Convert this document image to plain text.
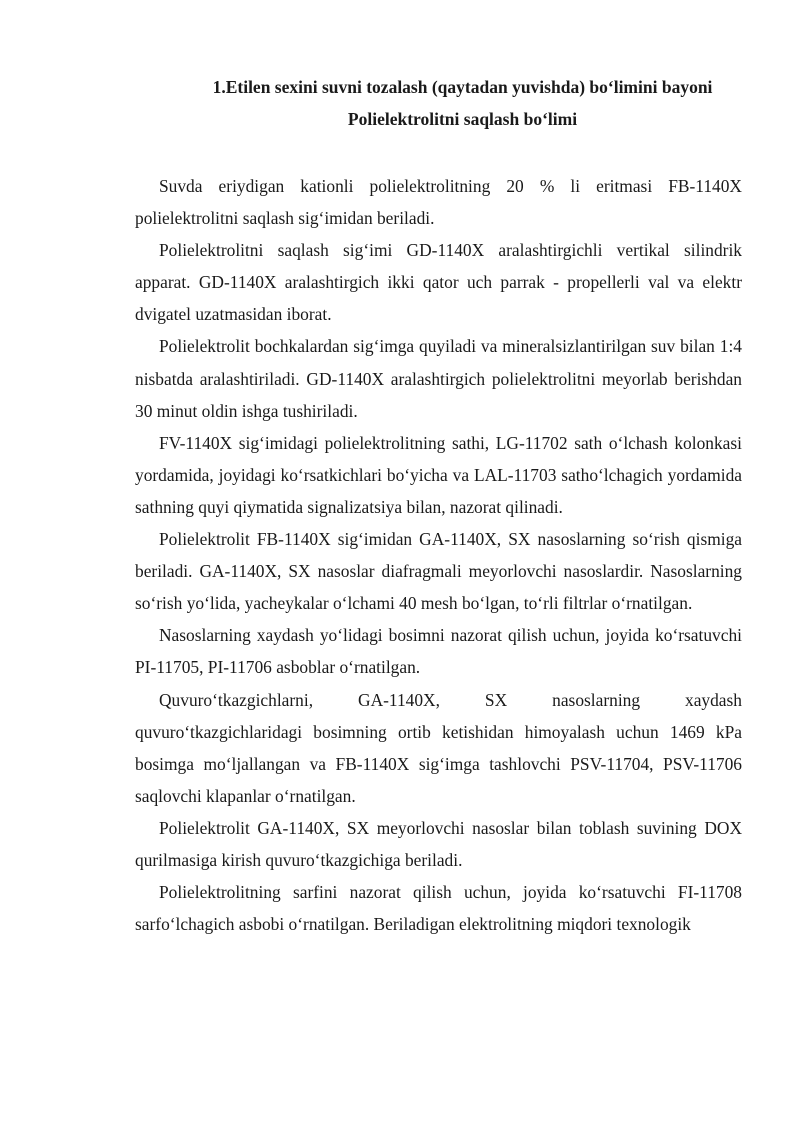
1.Etilen sexini suvni tozalash (qaytadan yuvishda) bo‘limini bayoni
Polielektrolitni saqlash bo‘limi

Suvda eriydigan kationli polielektrolitning 20 % li eritmasi FB-1140X polielektrolitni saqlash sig‘imidan beriladi.

Polielektrolitni saqlash sig‘imi GD-1140X aralashtirgichli vertikal silindrik apparat. GD-1140X aralashtirgich ikki qator uch parrak - propellerli val va elektr dvigatel uzatmasidan iborat.

Polielektrolit bochkalardan sig‘imga quyiladi va mineralsizlantirilgan suv bilan 1:4 nisbatda aralashtiriladi. GD-1140X aralashtirgich polielektrolitni meyorlab berishdan 30 minut oldin ishga tushiriladi.

FV-1140X sig‘imidagi polielektrolitning sathi, LG-11702 sath o‘lchash kolonkasi yordamida, joyidagi ko‘rsatkichlari bo‘yicha va LAL-11703 satho‘lchagich yordamida sathning quyi qiymatida signalizatsiya bilan, nazorat qilinadi.

Polielektrolit FB-1140X sig‘imidan GA-1140X, SX nasoslarning so‘rish qismiga beriladi. GA-1140X, SX nasoslar diafragmali meyorlovchi nasoslardir. Nasoslarning so‘rish yo‘lida, yacheykalar o‘lchami 40 mesh bo‘lgan, to‘rli filtrlar o‘rnatilgan.

Nasoslarning xaydash yo‘lidagi bosimni nazorat qilish uchun, joyida ko‘rsatuvchi PI-11705, PI-11706 asboblar o‘rnatilgan.

Quvuro‘tkazgichlarni, GA-1140X, SX nasoslarning xaydash quvuro‘tkazgichlaridagi bosimning ortib ketishidan himoyalash uchun 1469 kPa bosimga mo‘ljallangan va FB-1140X sig‘imga tashlovchi PSV-11704, PSV-11706 saqlovchi klapanlar o‘rnatilgan.

Polielektrolit GA-1140X, SX meyorlovchi nasoslar bilan toblash suvining DOX qurilmasiga kirish quvuro‘tkazgichiga beriladi.

Polielektrolitning sarfini nazorat qilish uchun, joyida ko‘rsatuvchi FI-11708 sarfo‘lchagich asbobi o‘rnatilgan. Beriladigan elektrolitning miqdori texnologik
